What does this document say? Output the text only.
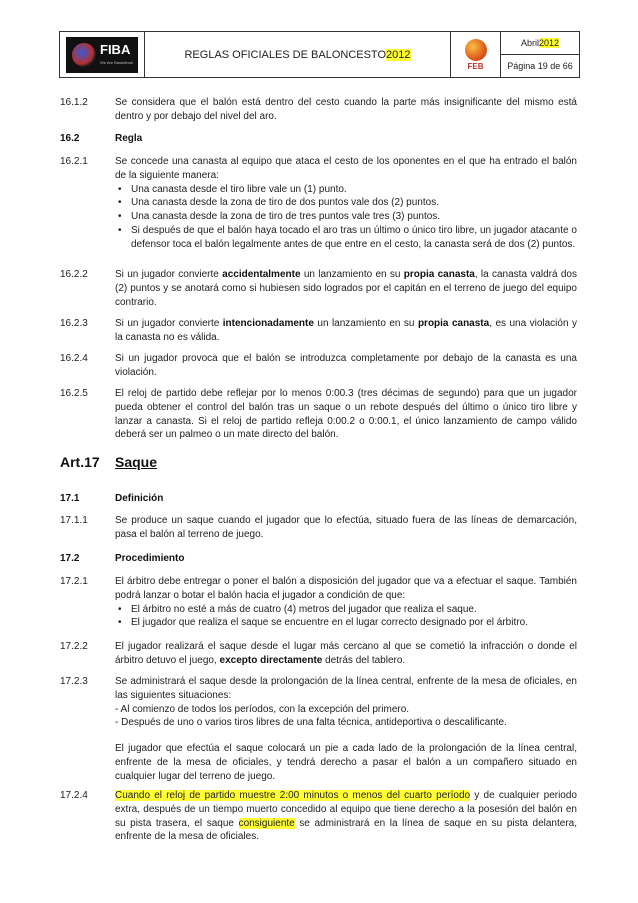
FIBA
We Are Basketball
REGLAS OFICIALES DE BALONCESTO 2012
FEB
Abril 2012
Página 19 de 66
16.1.2	Se considera que el balón está dentro del cesto cuando la parte más insignificante del mismo está dentro y por debajo del nivel del aro.
16.2	Regla
16.2.1	Se concede una canasta al equipo que ataca el cesto de los oponentes en el que ha entrado el balón de la siguiente manera:

• Una canasta desde el tiro libre vale un (1) punto.
• Una canasta desde la zona de tiro de dos puntos vale dos (2) puntos.
• Una canasta desde la zona de tiro de tres puntos vale tres (3) puntos.
• Si después de que el balón haya tocado el aro tras un último o único tiro libre, un jugador atacante o defensor toca el balón legalmente antes de que entre en el cesto, la canasta será de dos (2) puntos.
16.2.2	Si un jugador convierte accidentalmente un lanzamiento en su propia canasta, la canasta valdrá dos (2) puntos y se anotará como si hubiesen sido logrados por el capitán en el terreno de juego del equipo contrario.
16.2.3	Si un jugador convierte intencionadamente un lanzamiento en su propia canasta, es una violación y la canasta no es válida.
16.2.4	Si un jugador provoca que el balón se introduzca completamente por debajo de la canasta es una violación.
16.2.5	El reloj de partido debe reflejar por lo menos 0:00.3 (tres décimas de segundo) para que un jugador pueda obtener el control del balón tras un saque o un rebote después del último o único tiro libre y lanzar a canasta. Si el reloj de partido refleja 0:00.2 o 0:00.1, el único lanzamiento de campo válido deberá ser un palmeo o un mate directo del balón.
Art.17 Saque
17.1	Definición
17.1.1	Se produce un saque cuando el jugador que lo efectúa, situado fuera de las líneas de demarcación, pasa el balón al terreno de juego.
17.2	Procedimiento
17.2.1	El árbitro debe entregar o poner el balón a disposición del jugador que va a efectuar el saque. También podrá lanzar o botar el balón hacia el jugador a condición de que:

• El árbitro no esté a más de cuatro (4) metros del jugador que realiza el saque.
• El jugador que realiza el saque se encuentre en el lugar correcto designado por el árbitro.
17.2.2	El jugador realizará el saque desde el lugar más cercano al que se cometió la infracción o donde el árbitro detuvo el juego, excepto directamente detrás del tablero.
17.2.3	Se administrará el saque desde la prolongación de la línea central, enfrente de la mesa de oficiales, en las siguientes situaciones:

- Al comienzo de todos los períodos, con la excepción del primero.

- Después de uno o varios tiros libres de una falta técnica, antideportiva o descalificante.

El jugador que efectúa el saque colocará un pie a cada lado de la prolongación de la línea central, enfrente de la mesa de oficiales, y tendrá derecho a pasar el balón a un compañero situado en cualquier lugar del terreno de juego.

17.2.4	Cuando el reloj de partido muestre 2:00 minutos o menos del cuarto período y de cualquier periodo extra, después de un tiempo muerto concedido al equipo que tiene derecho a la posesión del balón en su pista trasera, el saque consiguiente se administrará en la línea de saque en su pista delantera, enfrente de la mesa de oficiales.
